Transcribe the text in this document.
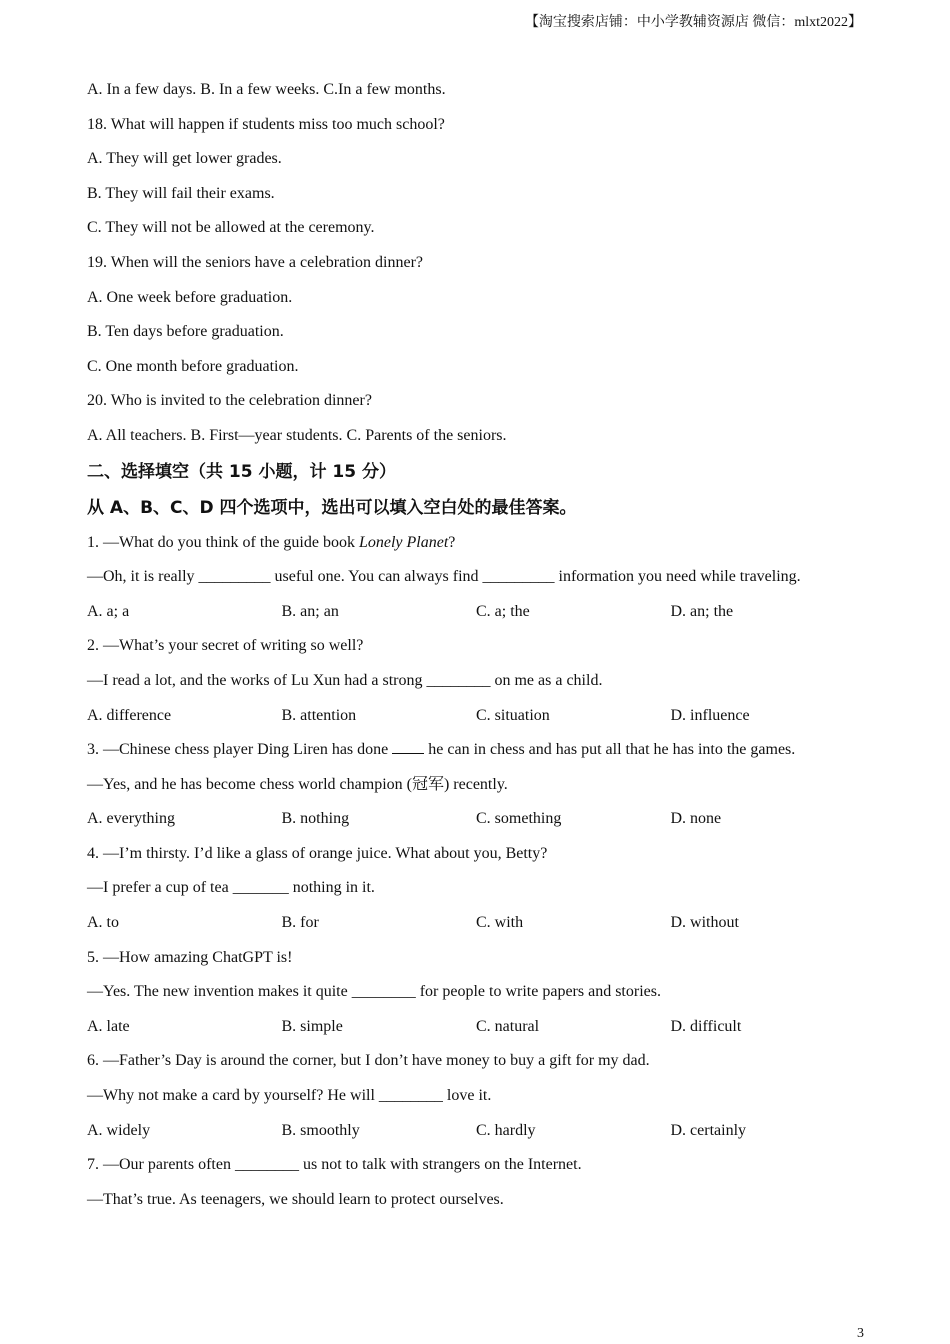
【淘宝搜索店铺：中小学教辅资源店 微信：mlxt2022】
A. In a few days. B. In a few weeks. C.In a few months.
18. What will happen if students miss too much school?
A. They will get lower grades.
B. They will fail their exams.
C. They will not be allowed at the ceremony.
19. When will the seniors have a celebration dinner?
A. One week before graduation.
B. Ten days before graduation.
C. One month before graduation.
20. Who is invited to the celebration dinner?
A. All teachers. B. First—year students. C. Parents of the seniors.
二、选择填空（共 15 小题，计 15 分）
从 A、B、C、D 四个选项中，选出可以填入空白处的最佳答案。
1. —What do you think of the guide book Lonely Planet?
—Oh, it is really _________ useful one. You can always find _________ information you need while traveling.
A. a; a	B. an; an	C. a; the	D. an; the
2. —What’s your secret of writing so well?
—I read a lot, and the works of Lu Xun had a strong ________ on me as a child.
A. difference	B. attention	C. situation	D. influence
3. —Chinese chess player Ding Liren has done  he can in chess and has put all that he has into the games.
—Yes, and he has become chess world champion (冠军) recently.
A. everything	B. nothing	C. something	D. none
4. —I’m thirsty. I’d like a glass of orange juice. What about you, Betty?
—I prefer a cup of tea _______ nothing in it.
A. to	B. for	C. with	D. without
5. —How amazing ChatGPT is!
—Yes. The new invention makes it quite ________ for people to write papers and stories.
A. late	B. simple	C. natural	D. difficult
6. —Father’s Day is around the corner, but I don’t have money to buy a gift for my dad.
—Why not make a card by yourself? He will ________ love it.
A. widely	B. smoothly	C. hardly	D. certainly
7. —Our parents often ________ us not to talk with strangers on the Internet.
—That’s true. As teenagers, we should learn to protect ourselves.
3
